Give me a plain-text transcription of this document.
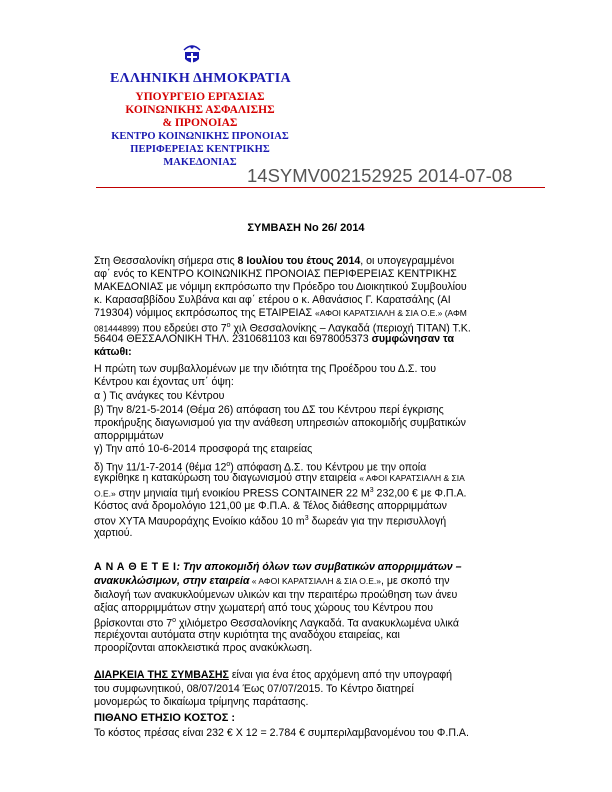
ΕΛΛΗΝΙΚΗ ΔΗΜΟΚΡΑΤΙΑ
ΥΠΟΥΡΓΕΙΟ ΕΡΓΑΣΙΑΣ
ΚΟΙΝΩΝΙΚΗΣ ΑΣΦΑΛΙΣΗΣ
& ΠΡΟΝΟΙΑΣ
ΚΕΝΤΡΟ ΚΟΙΝΩΝΙΚΗΣ ΠΡΟΝΟΙΑΣ
ΠΕΡΙΦΕΡΕΙΑΣ ΚΕΝΤΡΙΚΗΣ
ΜΑΚΕΔΟΝΙΑΣ
14SYMV002152925 2014-07-08
ΣΥΜΒΑΣΗ Νο 26/ 2014
Στη Θεσσαλονίκη σήμερα στις 8 Ιουλίου του έτους 2014, οι υπογεγραμμένοι
αφ΄ ενός το ΚΕΝΤΡΟ ΚΟΙΝΩΝΙΚΗΣ ΠΡΟΝΟΙΑΣ ΠΕΡΙΦΕΡΕΙΑΣ ΚΕΝΤΡΙΚΗΣ
ΜΑΚΕΔΟΝΙΑΣ με νόμιμη εκπρόσωπο την Πρόεδρο του Διοικητικού Συμβουλίου
κ. Καρασαββίδου Συλβάνα και αφ΄ ετέρου ο κ. Αθανάσιος Γ. Καρατσάλης (ΑΙ
719304) νόμιμος εκπρόσωπος της ΕΤΑΙΡΕΙΑΣ «ΑΦΟΙ ΚΑΡΑΤΣΙΑΛΗ & ΣΙΑ Ο.Ε.» (ΑΦΜ
081444899) που εδρεύει στο $7^o$ χιλ Θεσσαλονίκης – Λαγκαδά (περιοχή ΤΙΤΑΝ) Τ.Κ.
56404 ΘΕΣΣΑΛΟΝΙΚΗ ΤΗΛ. 2310681103 και 6978005373 συμφώνησαν τα
κάτωθι:
Η πρώτη των συμβαλλομένων με την ιδιότητα της Προέδρου του Δ.Σ. του
Κέντρου και έχοντας υπ΄ όψη:
α ) Τις ανάγκες του Κέντρου
β) Την 8/21-5-2014 (Θέμα 26) απόφαση του ΔΣ του Κέντρου περί έγκρισης
προκήρυξης διαγωνισμού για την ανάθεση υπηρεσιών αποκομιδής συμβατικών
απορριμμάτων
γ) Την από 10-6-2014 προσφορά της εταιρείας
δ) Την 11/1-7-2014 (θέμα $12^o$) απόφαση Δ.Σ. του Κέντρου με την οποία
εγκρίθηκε η κατακύρωση του διαγωνισμού στην εταιρεία « ΑΦΟΙ ΚΑΡΑΤΣΙΑΛΗ & ΣΙΑ
Ο.Ε.» στην μηνιαία τιμή ενοικίου PRESS CONTAINER 22 $M^3$ 232,00 € με Φ.Π.Α.
Κόστος ανά δρομολόγιο 121,00 με Φ.Π.Α. & Τέλος διάθεσης απορριμμάτων
στον ΧΥΤΑ Μαυροράχης Ενοίκιο κάδου 10 $m^3$ δωρεάν για την περισυλλογή
χαρτιού.
Α Ν Α Θ Ε Τ Ε Ι: Την αποκομιδή όλων των συμβατικών απορριμμάτων –
ανακυκλώσιμων, στην εταιρεία « ΑΦΟΙ ΚΑΡΑΤΣΙΑΛΗ & ΣΙΑ Ο.Ε.», με σκοπό την
διαλογή των ανακυκλούμενων υλικών και την περαιτέρω προώθηση των άνευ
αξίας απορριμμάτων στην χωματερή από τους χώρους του Κέντρου που
βρίσκονται στο $7^o$ χιλιόμετρο Θεσσαλονίκης Λαγκαδά. Τα ανακυκλωμένα υλικά
περιέχονται αυτόματα στην κυριότητα της αναδόχου εταιρείας, και
προορίζονται αποκλειστικά προς ανακύκλωση.
ΔΙΑΡΚΕΙΑ ΤΗΣ ΣΥΜΒΑΣΗΣ είναι για ένα έτος αρχόμενη από την υπογραφή
του συμφωνητικού, 08/07/2014 Έως 07/07/2015. Το Κέντρο διατηρεί
μονομερώς το δικαίωμα τρίμηνης παράτασης.
ΠΙΘΑΝΟ ΕΤΗΣΙΟ ΚΟΣΤΟΣ :
Το κόστος πρέσας είναι 232 € Χ 12 = 2.784 € συμπεριλαμβανομένου του Φ.Π.Α.
